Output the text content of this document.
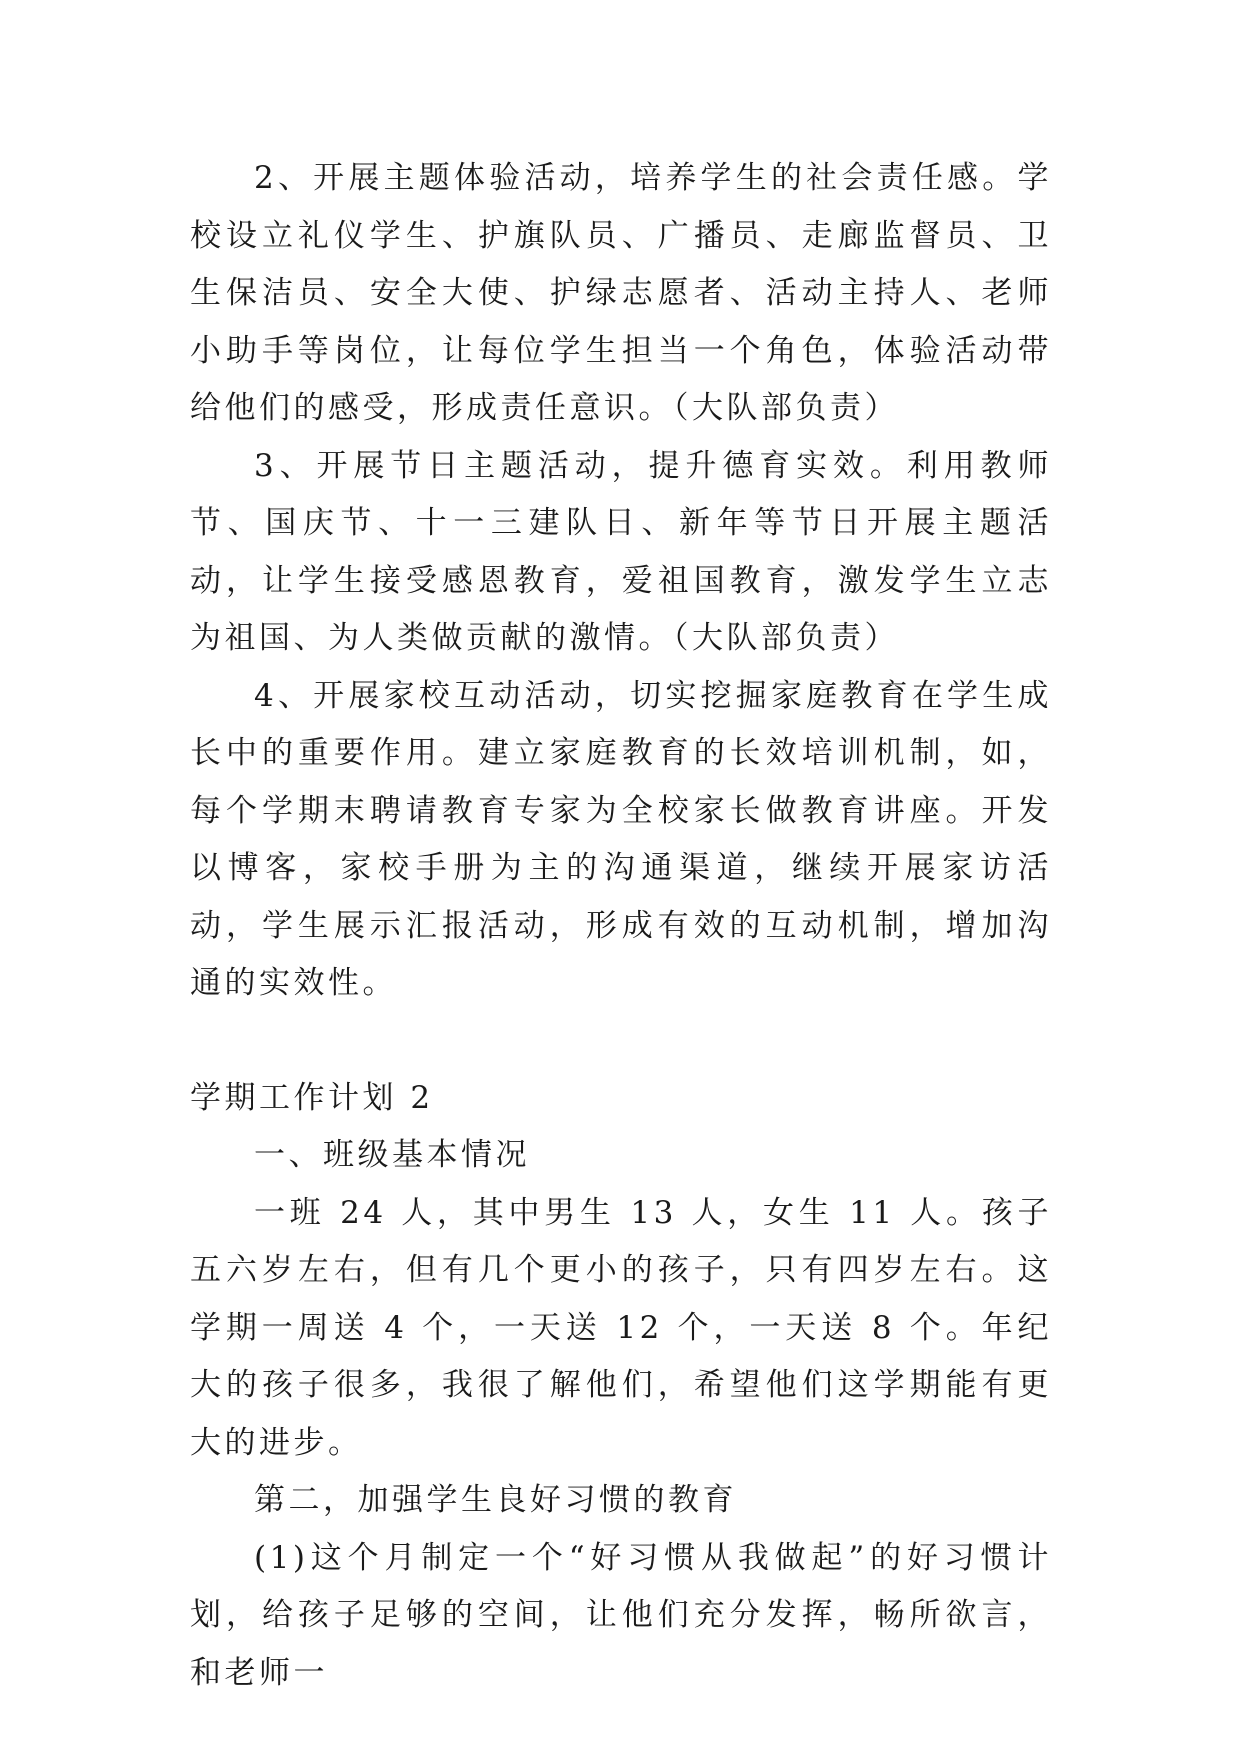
2、开展主题体验活动，培养学生的社会责任感。学校设立礼仪学生、护旗队员、广播员、走廊监督员、卫生保洁员、安全大使、护绿志愿者、活动主持人、老师小助手等岗位，让每位学生担当一个角色，体验活动带给他们的感受，形成责任意识。（大队部负责）

3、开展节日主题活动，提升德育实效。利用教师节、国庆节、十一三建队日、新年等节日开展主题活动，让学生接受感恩教育，爱祖国教育，激发学生立志为祖国、为人类做贡献的激情。（大队部负责）

4、开展家校互动活动，切实挖掘家庭教育在学生成长中的重要作用。建立家庭教育的长效培训机制，如，每个学期末聘请教育专家为全校家长做教育讲座。开发以博客，家校手册为主的沟通渠道，继续开展家访活动，学生展示汇报活动，形成有效的互动机制，增加沟通的实效性。

学期工作计划 2

一、班级基本情况

一班 24 人，其中男生 13 人，女生 11 人。孩子五六岁左右，但有几个更小的孩子，只有四岁左右。这学期一周送 4 个，一天送 12 个，一天送 8 个。年纪大的孩子很多，我很了解他们，希望他们这学期能有更大的进步。

第二，加强学生良好习惯的教育

(1)这个月制定一个“好习惯从我做起”的好习惯计划，给孩子足够的空间，让他们充分发挥，畅所欲言，和老师一
